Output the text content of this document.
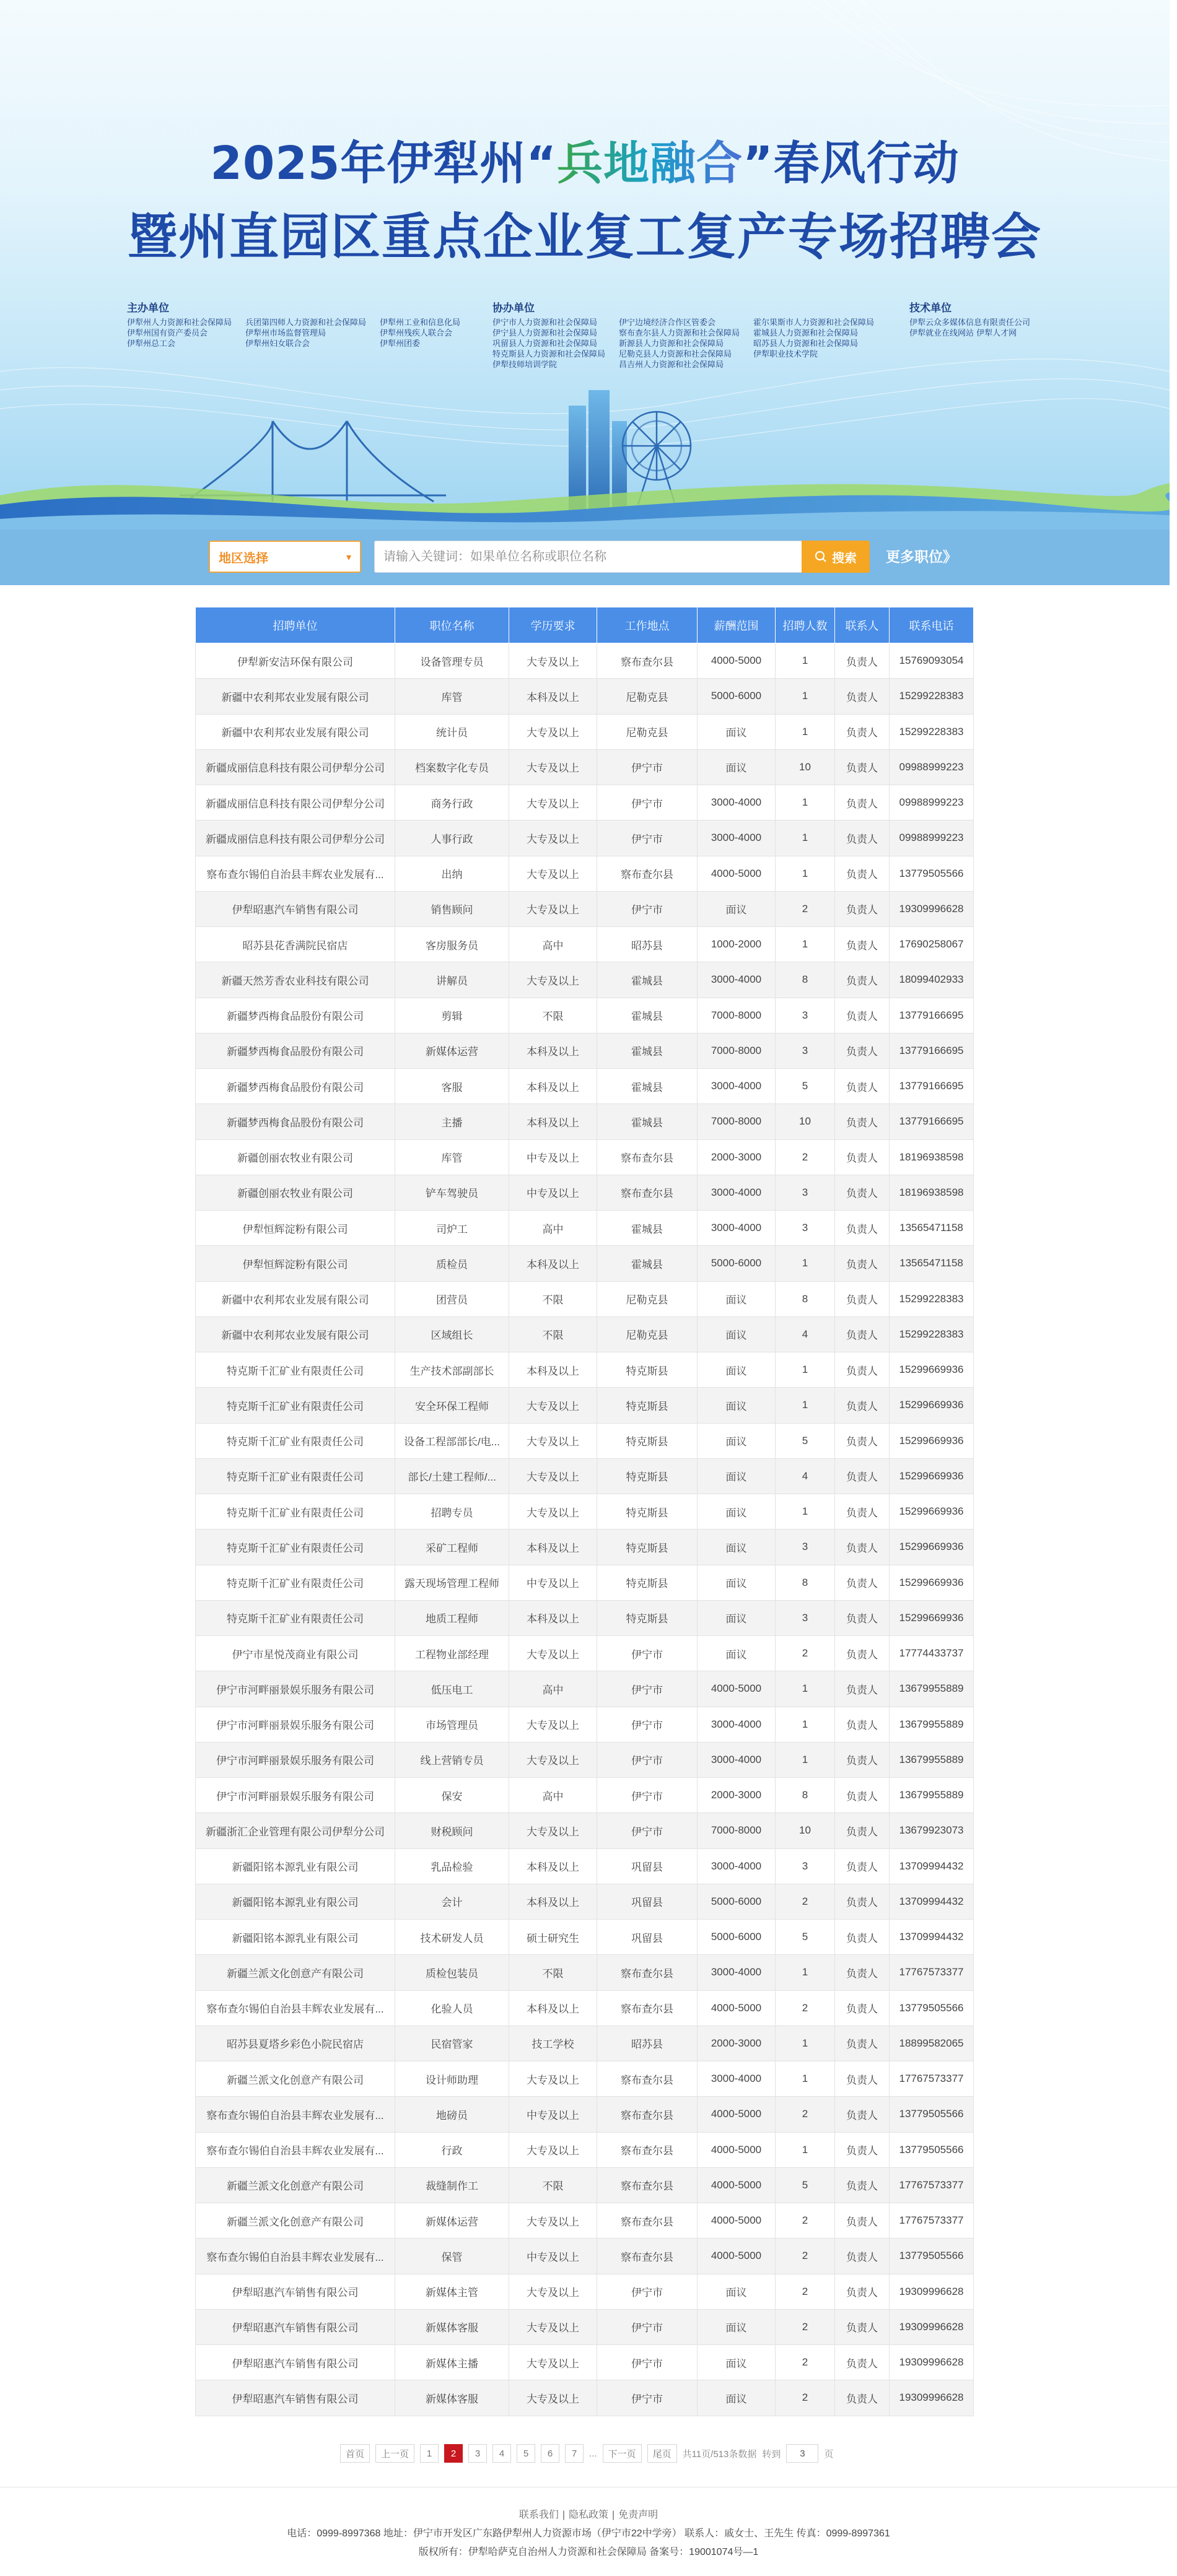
2025年伊犁州“兵地融合”春风行动
暨州直园区重点企业复工复产专场招聘会
主办单位
伊犁州人力资源和社会保障局
伊犁州国有资产委员会
伊犁州总工会
兵团第四师人力资源和社会保障局
伊犁州市场监督管理局
伊犁州妇女联合会
伊犁州工业和信息化局
伊犁州残疾人联合会
伊犁州团委
协办单位
伊宁市人力资源和社会保障局
伊宁县人力资源和社会保障局
巩留县人力资源和社会保障局
特克斯县人力资源和社会保障局
伊犁技师培训学院
伊宁边境经济合作区管委会
察布查尔县人力资源和社会保障局
新源县人力资源和社会保障局
尼勒克县人力资源和社会保障局
昌吉州人力资源和社会保障局
霍尔果斯市人力资源和社会保障局
霍城县人力资源和社会保障局
昭苏县人力资源和社会保障局
伊犁职业技术学院
技术单位
伊犁云众多媒体信息有限责任公司
伊犁就业在线网站 伊犁人才网
地区选择	▾
请输入关键词：如果单位名称或职位名称	搜索 更多职位》
招聘单位	职位名称	学历要求	工作地点	薪酬范围	招聘人数	联系人	联系电话
伊犁新安洁环保有限公司	设备管理专员	大专及以上	察布查尔县	4000-5000	1	负责人	15769093054
新疆中农利邦农业发展有限公司	库管	本科及以上	尼勒克县	5000-6000	1	负责人	15299228383
新疆中农利邦农业发展有限公司	统计员	大专及以上	尼勒克县	面议	1	负责人	15299228383
新疆成丽信息科技有限公司伊犁分公司	档案数字化专员	大专及以上	伊宁市	面议	10	负责人	09988999223
新疆成丽信息科技有限公司伊犁分公司	商务行政	大专及以上	伊宁市	3000-4000	1	负责人	09988999223
新疆成丽信息科技有限公司伊犁分公司	人事行政	大专及以上	伊宁市	3000-4000	1	负责人	09988999223
察布查尔锡伯自治县丰辉农业发展有...	出纳	大专及以上	察布查尔县	4000-5000	1	负责人	13779505566
伊犁昭惠汽车销售有限公司	销售顾问	大专及以上	伊宁市	面议	2	负责人	19309996628
昭苏县花香满院民宿店	客房服务员	高中	昭苏县	1000-2000	1	负责人	17690258067
新疆天然芳香农业科技有限公司	讲解员	大专及以上	霍城县	3000-4000	8	负责人	18099402933
新疆梦西梅食品股份有限公司	剪辑	不限	霍城县	7000-8000	3	负责人	13779166695
新疆梦西梅食品股份有限公司	新媒体运营	本科及以上	霍城县	7000-8000	3	负责人	13779166695
新疆梦西梅食品股份有限公司	客服	本科及以上	霍城县	3000-4000	5	负责人	13779166695
新疆梦西梅食品股份有限公司	主播	本科及以上	霍城县	7000-8000	10	负责人	13779166695
新疆创丽农牧业有限公司	库管	中专及以上	察布查尔县	2000-3000	2	负责人	18196938598
新疆创丽农牧业有限公司	铲车驾驶员	中专及以上	察布查尔县	3000-4000	3	负责人	18196938598
伊犁恒辉淀粉有限公司	司炉工	高中	霍城县	3000-4000	3	负责人	13565471158
伊犁恒辉淀粉有限公司	质检员	本科及以上	霍城县	5000-6000	1	负责人	13565471158
新疆中农利邦农业发展有限公司	团营员	不限	尼勒克县	面议	8	负责人	15299228383
新疆中农利邦农业发展有限公司	区域组长	不限	尼勒克县	面议	4	负责人	15299228383
特克斯千汇矿业有限责任公司	生产技术部副部长	本科及以上	特克斯县	面议	1	负责人	15299669936
特克斯千汇矿业有限责任公司	安全环保工程师	大专及以上	特克斯县	面议	1	负责人	15299669936
特克斯千汇矿业有限责任公司	设备工程部部长/电...	大专及以上	特克斯县	面议	5	负责人	15299669936
特克斯千汇矿业有限责任公司	部长/土建工程师/...	大专及以上	特克斯县	面议	4	负责人	15299669936
特克斯千汇矿业有限责任公司	招聘专员	大专及以上	特克斯县	面议	1	负责人	15299669936
特克斯千汇矿业有限责任公司	采矿工程师	本科及以上	特克斯县	面议	3	负责人	15299669936
特克斯千汇矿业有限责任公司	露天现场管理工程师	中专及以上	特克斯县	面议	8	负责人	15299669936
特克斯千汇矿业有限责任公司	地质工程师	本科及以上	特克斯县	面议	3	负责人	15299669936
伊宁市星悦茂商业有限公司	工程物业部经理	大专及以上	伊宁市	面议	2	负责人	17774433737
伊宁市河畔丽景娱乐服务有限公司	低压电工	高中	伊宁市	4000-5000	1	负责人	13679955889
伊宁市河畔丽景娱乐服务有限公司	市场管理员	大专及以上	伊宁市	3000-4000	1	负责人	13679955889
伊宁市河畔丽景娱乐服务有限公司	线上营销专员	大专及以上	伊宁市	3000-4000	1	负责人	13679955889
伊宁市河畔丽景娱乐服务有限公司	保安	高中	伊宁市	2000-3000	8	负责人	13679955889
新疆浙汇企业管理有限公司伊犁分公司	财税顾问	大专及以上	伊宁市	7000-8000	10	负责人	13679923073
新疆阳铭本源乳业有限公司	乳品检验	本科及以上	巩留县	3000-4000	3	负责人	13709994432
新疆阳铭本源乳业有限公司	会计	本科及以上	巩留县	5000-6000	2	负责人	13709994432
新疆阳铭本源乳业有限公司	技术研发人员	硕士研究生	巩留县	5000-6000	5	负责人	13709994432
新疆兰派文化创意产有限公司	质检包装员	不限	察布查尔县	3000-4000	1	负责人	17767573377
察布查尔锡伯自治县丰辉农业发展有...	化验人员	本科及以上	察布查尔县	4000-5000	2	负责人	13779505566
昭苏县夏塔乡彩色小院民宿店	民宿管家	技工学校	昭苏县	2000-3000	1	负责人	18899582065
新疆兰派文化创意产有限公司	设计师助理	大专及以上	察布查尔县	3000-4000	1	负责人	17767573377
察布查尔锡伯自治县丰辉农业发展有...	地磅员	中专及以上	察布查尔县	4000-5000	2	负责人	13779505566
察布查尔锡伯自治县丰辉农业发展有...	行政	大专及以上	察布查尔县	4000-5000	1	负责人	13779505566
新疆兰派文化创意产有限公司	裁缝制作工	不限	察布查尔县	4000-5000	5	负责人	17767573377
新疆兰派文化创意产有限公司	新媒体运营	大专及以上	察布查尔县	4000-5000	2	负责人	17767573377
察布查尔锡伯自治县丰辉农业发展有...	保管	中专及以上	察布查尔县	4000-5000	2	负责人	13779505566
伊犁昭惠汽车销售有限公司	新媒体主管	大专及以上	伊宁市	面议	2	负责人	19309996628
伊犁昭惠汽车销售有限公司	新媒体客服	大专及以上	伊宁市	面议	2	负责人	19309996628
伊犁昭惠汽车销售有限公司	新媒体主播	大专及以上	伊宁市	面议	2	负责人	19309996628
伊犁昭惠汽车销售有限公司	新媒体客服	大专及以上	伊宁市	面议	2	负责人	19309996628
首页	上一页	1	2	3	4	5	6	7	...	下一页	尾页	共11页/513条数据 转到
3	页
联系我们 | 隐私政策 | 免责声明
电话：0999-8997368 地址：伊宁市开发区广东路伊犁州人力资源市场（伊宁市22中学旁） 联系人：戚女士、王先生 传真：0999-8997361
版权所有：伊犁哈萨克自治州人力资源和社会保障局 备案号：19001074号—1
